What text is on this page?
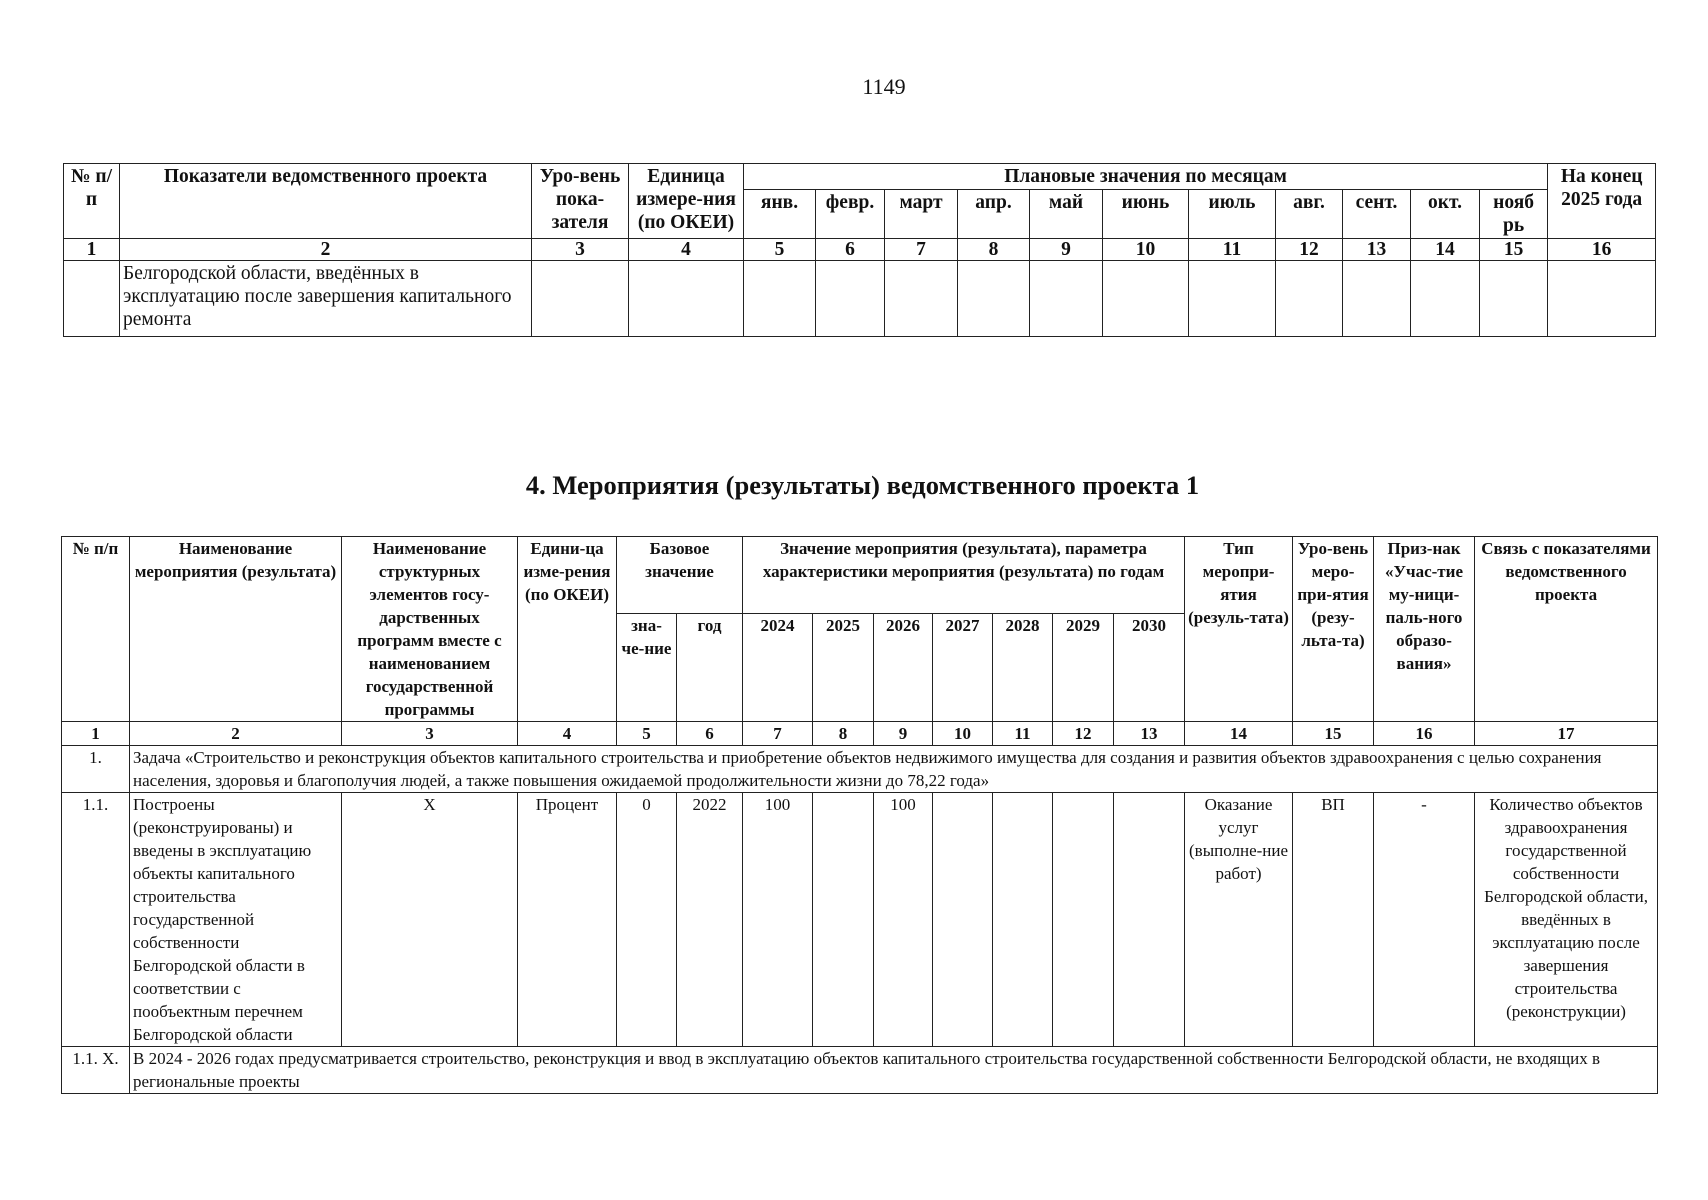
1149
№ п/п	Показатели ведомственного проекта	Уро-вень пока-зателя	Единица измере-ния (по ОКЕИ)	Плановые значения по месяцам											На конец 2025 года
				янв.	февр.	март	апр.	май	июнь	июль	авг.	сент.	окт.	нояб рь	
1	2	3	4	5	6	7	8	9	10	11	12	13	14	15	16
	Белгородской области, введённых в эксплуатацию после завершения капитального ремонта														
4. Мероприятия (результаты) ведомственного проекта 1
№ п/п	Наименование мероприятия (результата)	Наименование структурных элементов госу-дарственных программ вместе с наименованием государственной программы	Едини-ца изме-рения (по ОКЕИ)	Базовое значение		Значение мероприятия (результата), параметра характеристики мероприятия (результата) по годам							Тип меропри-ятия (резуль-тата)	Уро-вень меро-при-ятия (резу-льта-та)	Приз-нак «Учас-тие му-ници-паль-ного образо-вания»	Связь с показателями ведомственного проекта
				зна-че-ние	год	2024	2025	2026	2027	2028	2029	2030				
1	2	3	4	5	6	7	8	9	10	11	12	13	14	15	16	17
1.	Задача «Строительство и реконструкция объектов капитального строительства и приобретение объектов недвижимого имущества для создания и развития объектов здравоохранения с целью сохранения населения, здоровья и благополучия людей, а также повышения ожидаемой продолжительности жизни до 78,22 года»															
1.1.	Построены (реконструированы) и введены в эксплуатацию объекты капитального строительства государственной собственности Белгородской области в соответствии с пообъектным перечнем Белгородской области	X	Процент	0	2022	100		100					Оказание услуг (выполне-ние работ)	ВП	-	Количество объектов здравоохранения государственной собственности Белгородской области, введённых в эксплуатацию после завершения строительства (реконструкции)
1.1. X.	В 2024 - 2026 годах предусматривается строительство, реконструкция и ввод в эксплуатацию объектов капитального строительства государственной собственности Белгородской области, не входящих в региональные проекты															
